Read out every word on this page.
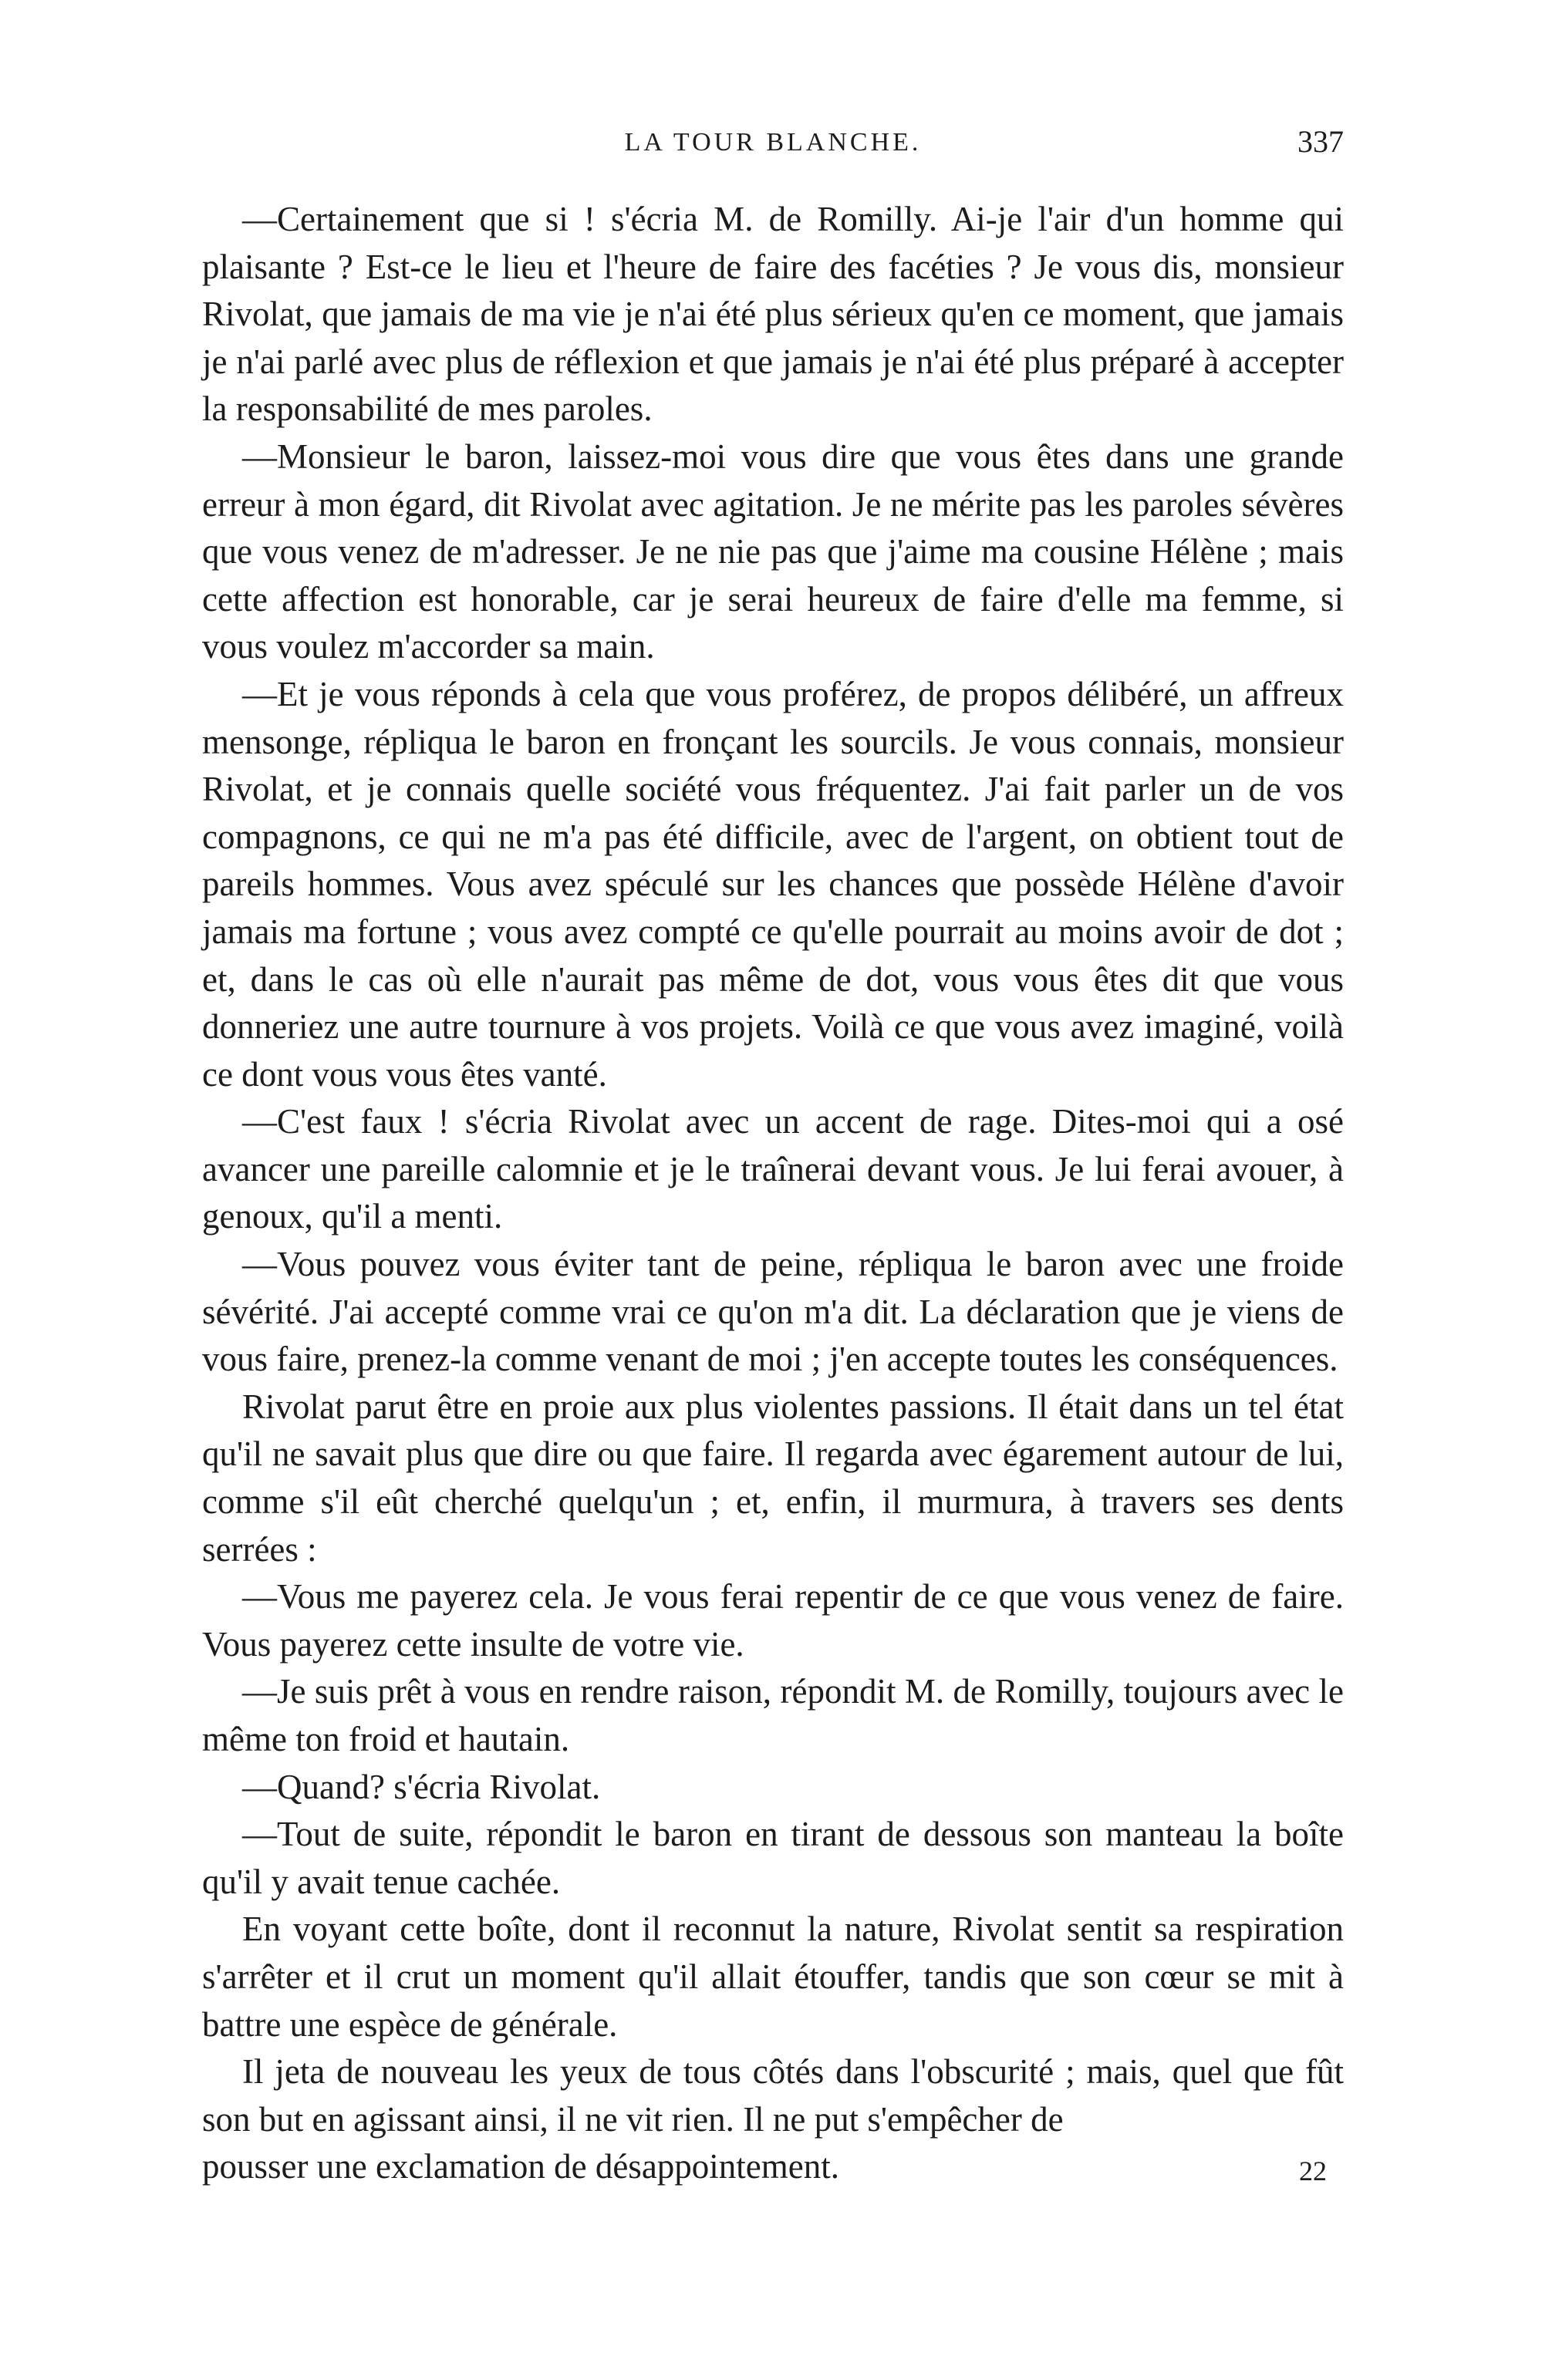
LA TOUR BLANCHE.	337

—Certainement que si ! s'écria M. de Romilly. Ai-je l'air d'un homme qui plaisante ? Est-ce le lieu et l'heure de faire des facéties ? Je vous dis, monsieur Rivolat, que jamais de ma vie je n'ai été plus sérieux qu'en ce moment, que jamais je n'ai parlé avec plus de réflexion et que jamais je n'ai été plus préparé à accepter la responsabilité de mes paroles.

—Monsieur le baron, laissez-moi vous dire que vous êtes dans une grande erreur à mon égard, dit Rivolat avec agitation. Je ne mérite pas les paroles sévères que vous venez de m'adresser. Je ne nie pas que j'aime ma cousine Hélène ; mais cette affection est honorable, car je serai heureux de faire d'elle ma femme, si vous voulez m'accorder sa main.

—Et je vous réponds à cela que vous proférez, de propos délibéré, un affreux mensonge, répliqua le baron en fronçant les sourcils. Je vous connais, monsieur Rivolat, et je connais quelle société vous fréquentez. J'ai fait parler un de vos compagnons, ce qui ne m'a pas été difficile, avec de l'argent, on obtient tout de pareils hommes. Vous avez spéculé sur les chances que possède Hélène d'avoir jamais ma fortune ; vous avez compté ce qu'elle pourrait au moins avoir de dot ; et, dans le cas où elle n'aurait pas même de dot, vous vous êtes dit que vous donneriez une autre tournure à vos projets. Voilà ce que vous avez imaginé, voilà ce dont vous vous êtes vanté.

—C'est faux ! s'écria Rivolat avec un accent de rage. Dites-moi qui a osé avancer une pareille calomnie et je le traînerai devant vous. Je lui ferai avouer, à genoux, qu'il a menti.

—Vous pouvez vous éviter tant de peine, répliqua le baron avec une froide sévérité. J'ai accepté comme vrai ce qu'on m'a dit. La déclaration que je viens de vous faire, prenez-la comme venant de moi ; j'en accepte toutes les conséquences.

Rivolat parut être en proie aux plus violentes passions. Il était dans un tel état qu'il ne savait plus que dire ou que faire. Il regarda avec égarement autour de lui, comme s'il eût cherché quelqu'un ; et, enfin, il murmura, à travers ses dents serrées :

—Vous me payerez cela. Je vous ferai repentir de ce que vous venez de faire. Vous payerez cette insulte de votre vie.

—Je suis prêt à vous en rendre raison, répondit M. de Romilly, toujours avec le même ton froid et hautain.

—Quand? s'écria Rivolat.

—Tout de suite, répondit le baron en tirant de dessous son manteau la boîte qu'il y avait tenue cachée.

En voyant cette boîte, dont il reconnut la nature, Rivolat sentit sa respiration s'arrêter et il crut un moment qu'il allait étouffer, tandis que son cœur se mit à battre une espèce de générale.

Il jeta de nouveau les yeux de tous côtés dans l'obscurité ; mais, quel que fût son but en agissant ainsi, il ne vit rien. Il ne put s'empêcher de

pousser une exclamation de désappointement.	22
